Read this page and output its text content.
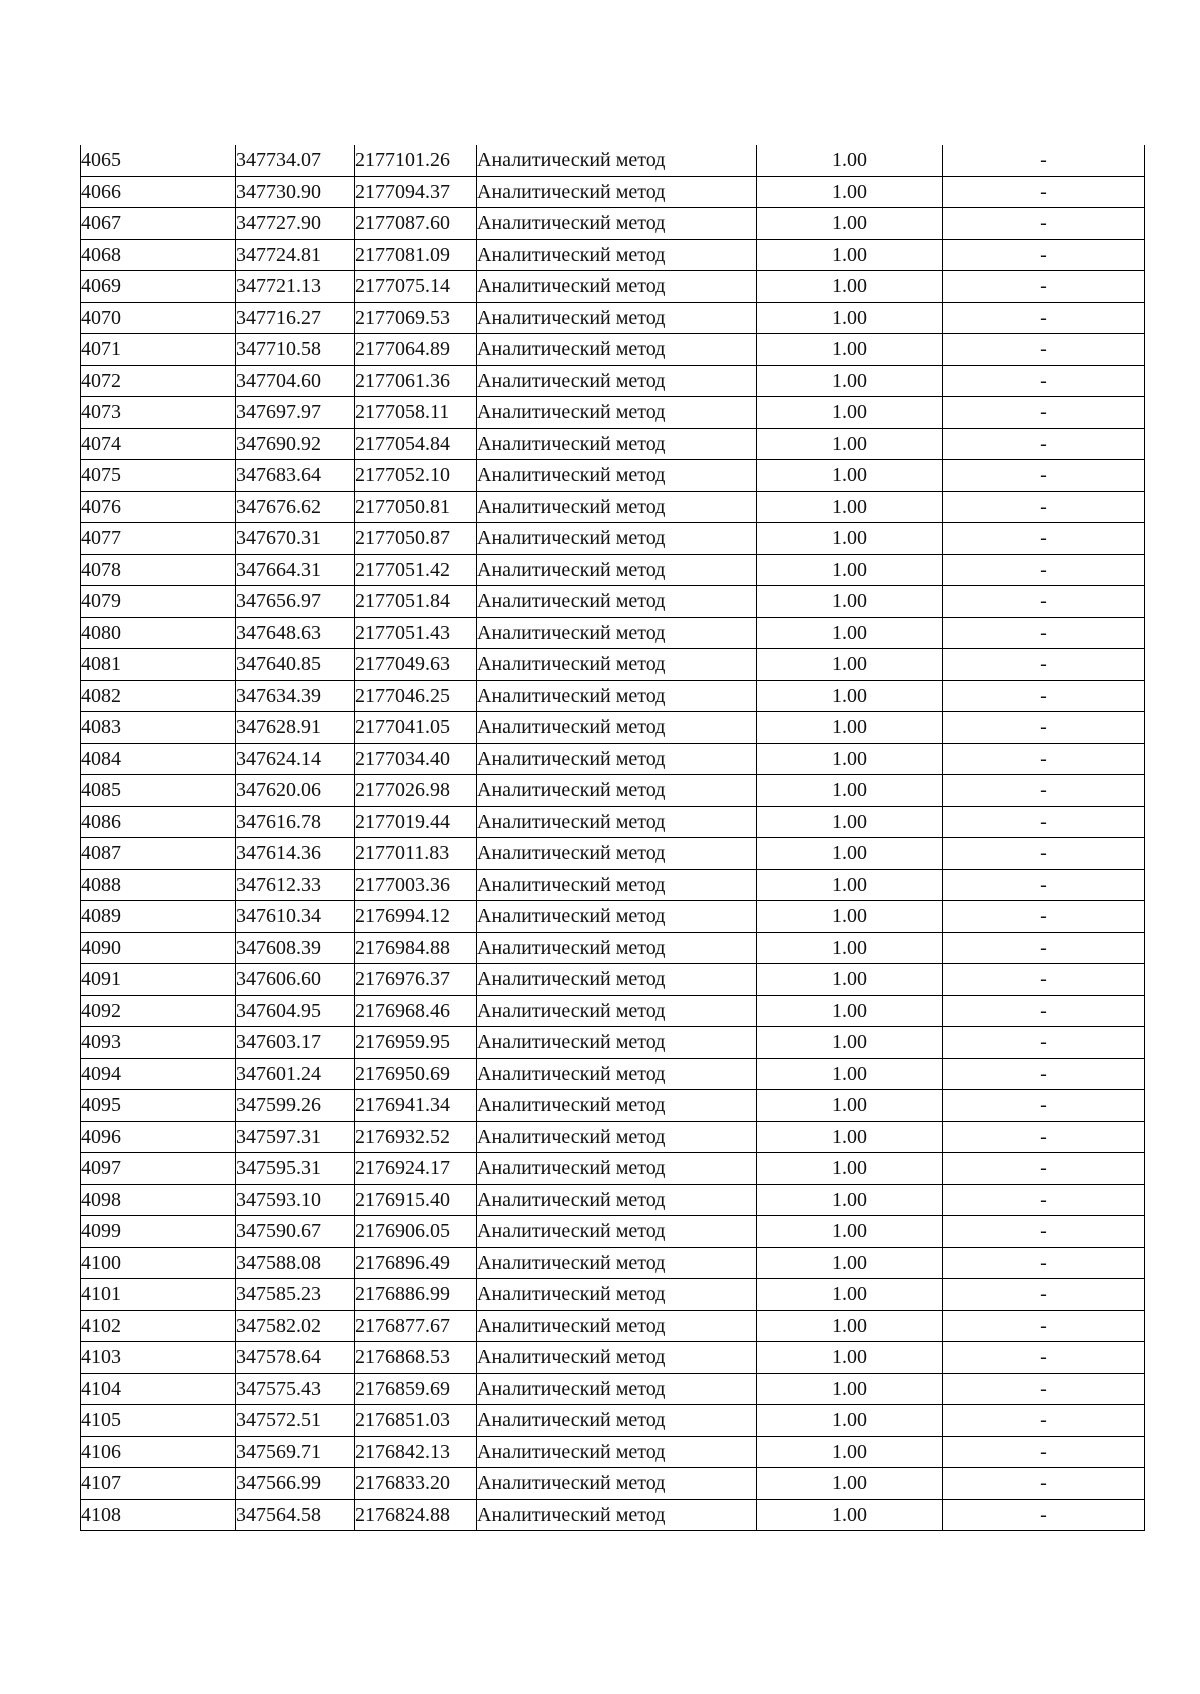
4065	347734.07	2177101.26	Аналитический метод	1.00	-
4066	347730.90	2177094.37	Аналитический метод	1.00	-
4067	347727.90	2177087.60	Аналитический метод	1.00	-
4068	347724.81	2177081.09	Аналитический метод	1.00	-
4069	347721.13	2177075.14	Аналитический метод	1.00	-
4070	347716.27	2177069.53	Аналитический метод	1.00	-
4071	347710.58	2177064.89	Аналитический метод	1.00	-
4072	347704.60	2177061.36	Аналитический метод	1.00	-
4073	347697.97	2177058.11	Аналитический метод	1.00	-
4074	347690.92	2177054.84	Аналитический метод	1.00	-
4075	347683.64	2177052.10	Аналитический метод	1.00	-
4076	347676.62	2177050.81	Аналитический метод	1.00	-
4077	347670.31	2177050.87	Аналитический метод	1.00	-
4078	347664.31	2177051.42	Аналитический метод	1.00	-
4079	347656.97	2177051.84	Аналитический метод	1.00	-
4080	347648.63	2177051.43	Аналитический метод	1.00	-
4081	347640.85	2177049.63	Аналитический метод	1.00	-
4082	347634.39	2177046.25	Аналитический метод	1.00	-
4083	347628.91	2177041.05	Аналитический метод	1.00	-
4084	347624.14	2177034.40	Аналитический метод	1.00	-
4085	347620.06	2177026.98	Аналитический метод	1.00	-
4086	347616.78	2177019.44	Аналитический метод	1.00	-
4087	347614.36	2177011.83	Аналитический метод	1.00	-
4088	347612.33	2177003.36	Аналитический метод	1.00	-
4089	347610.34	2176994.12	Аналитический метод	1.00	-
4090	347608.39	2176984.88	Аналитический метод	1.00	-
4091	347606.60	2176976.37	Аналитический метод	1.00	-
4092	347604.95	2176968.46	Аналитический метод	1.00	-
4093	347603.17	2176959.95	Аналитический метод	1.00	-
4094	347601.24	2176950.69	Аналитический метод	1.00	-
4095	347599.26	2176941.34	Аналитический метод	1.00	-
4096	347597.31	2176932.52	Аналитический метод	1.00	-
4097	347595.31	2176924.17	Аналитический метод	1.00	-
4098	347593.10	2176915.40	Аналитический метод	1.00	-
4099	347590.67	2176906.05	Аналитический метод	1.00	-
4100	347588.08	2176896.49	Аналитический метод	1.00	-
4101	347585.23	2176886.99	Аналитический метод	1.00	-
4102	347582.02	2176877.67	Аналитический метод	1.00	-
4103	347578.64	2176868.53	Аналитический метод	1.00	-
4104	347575.43	2176859.69	Аналитический метод	1.00	-
4105	347572.51	2176851.03	Аналитический метод	1.00	-
4106	347569.71	2176842.13	Аналитический метод	1.00	-
4107	347566.99	2176833.20	Аналитический метод	1.00	-
4108	347564.58	2176824.88	Аналитический метод	1.00	-
